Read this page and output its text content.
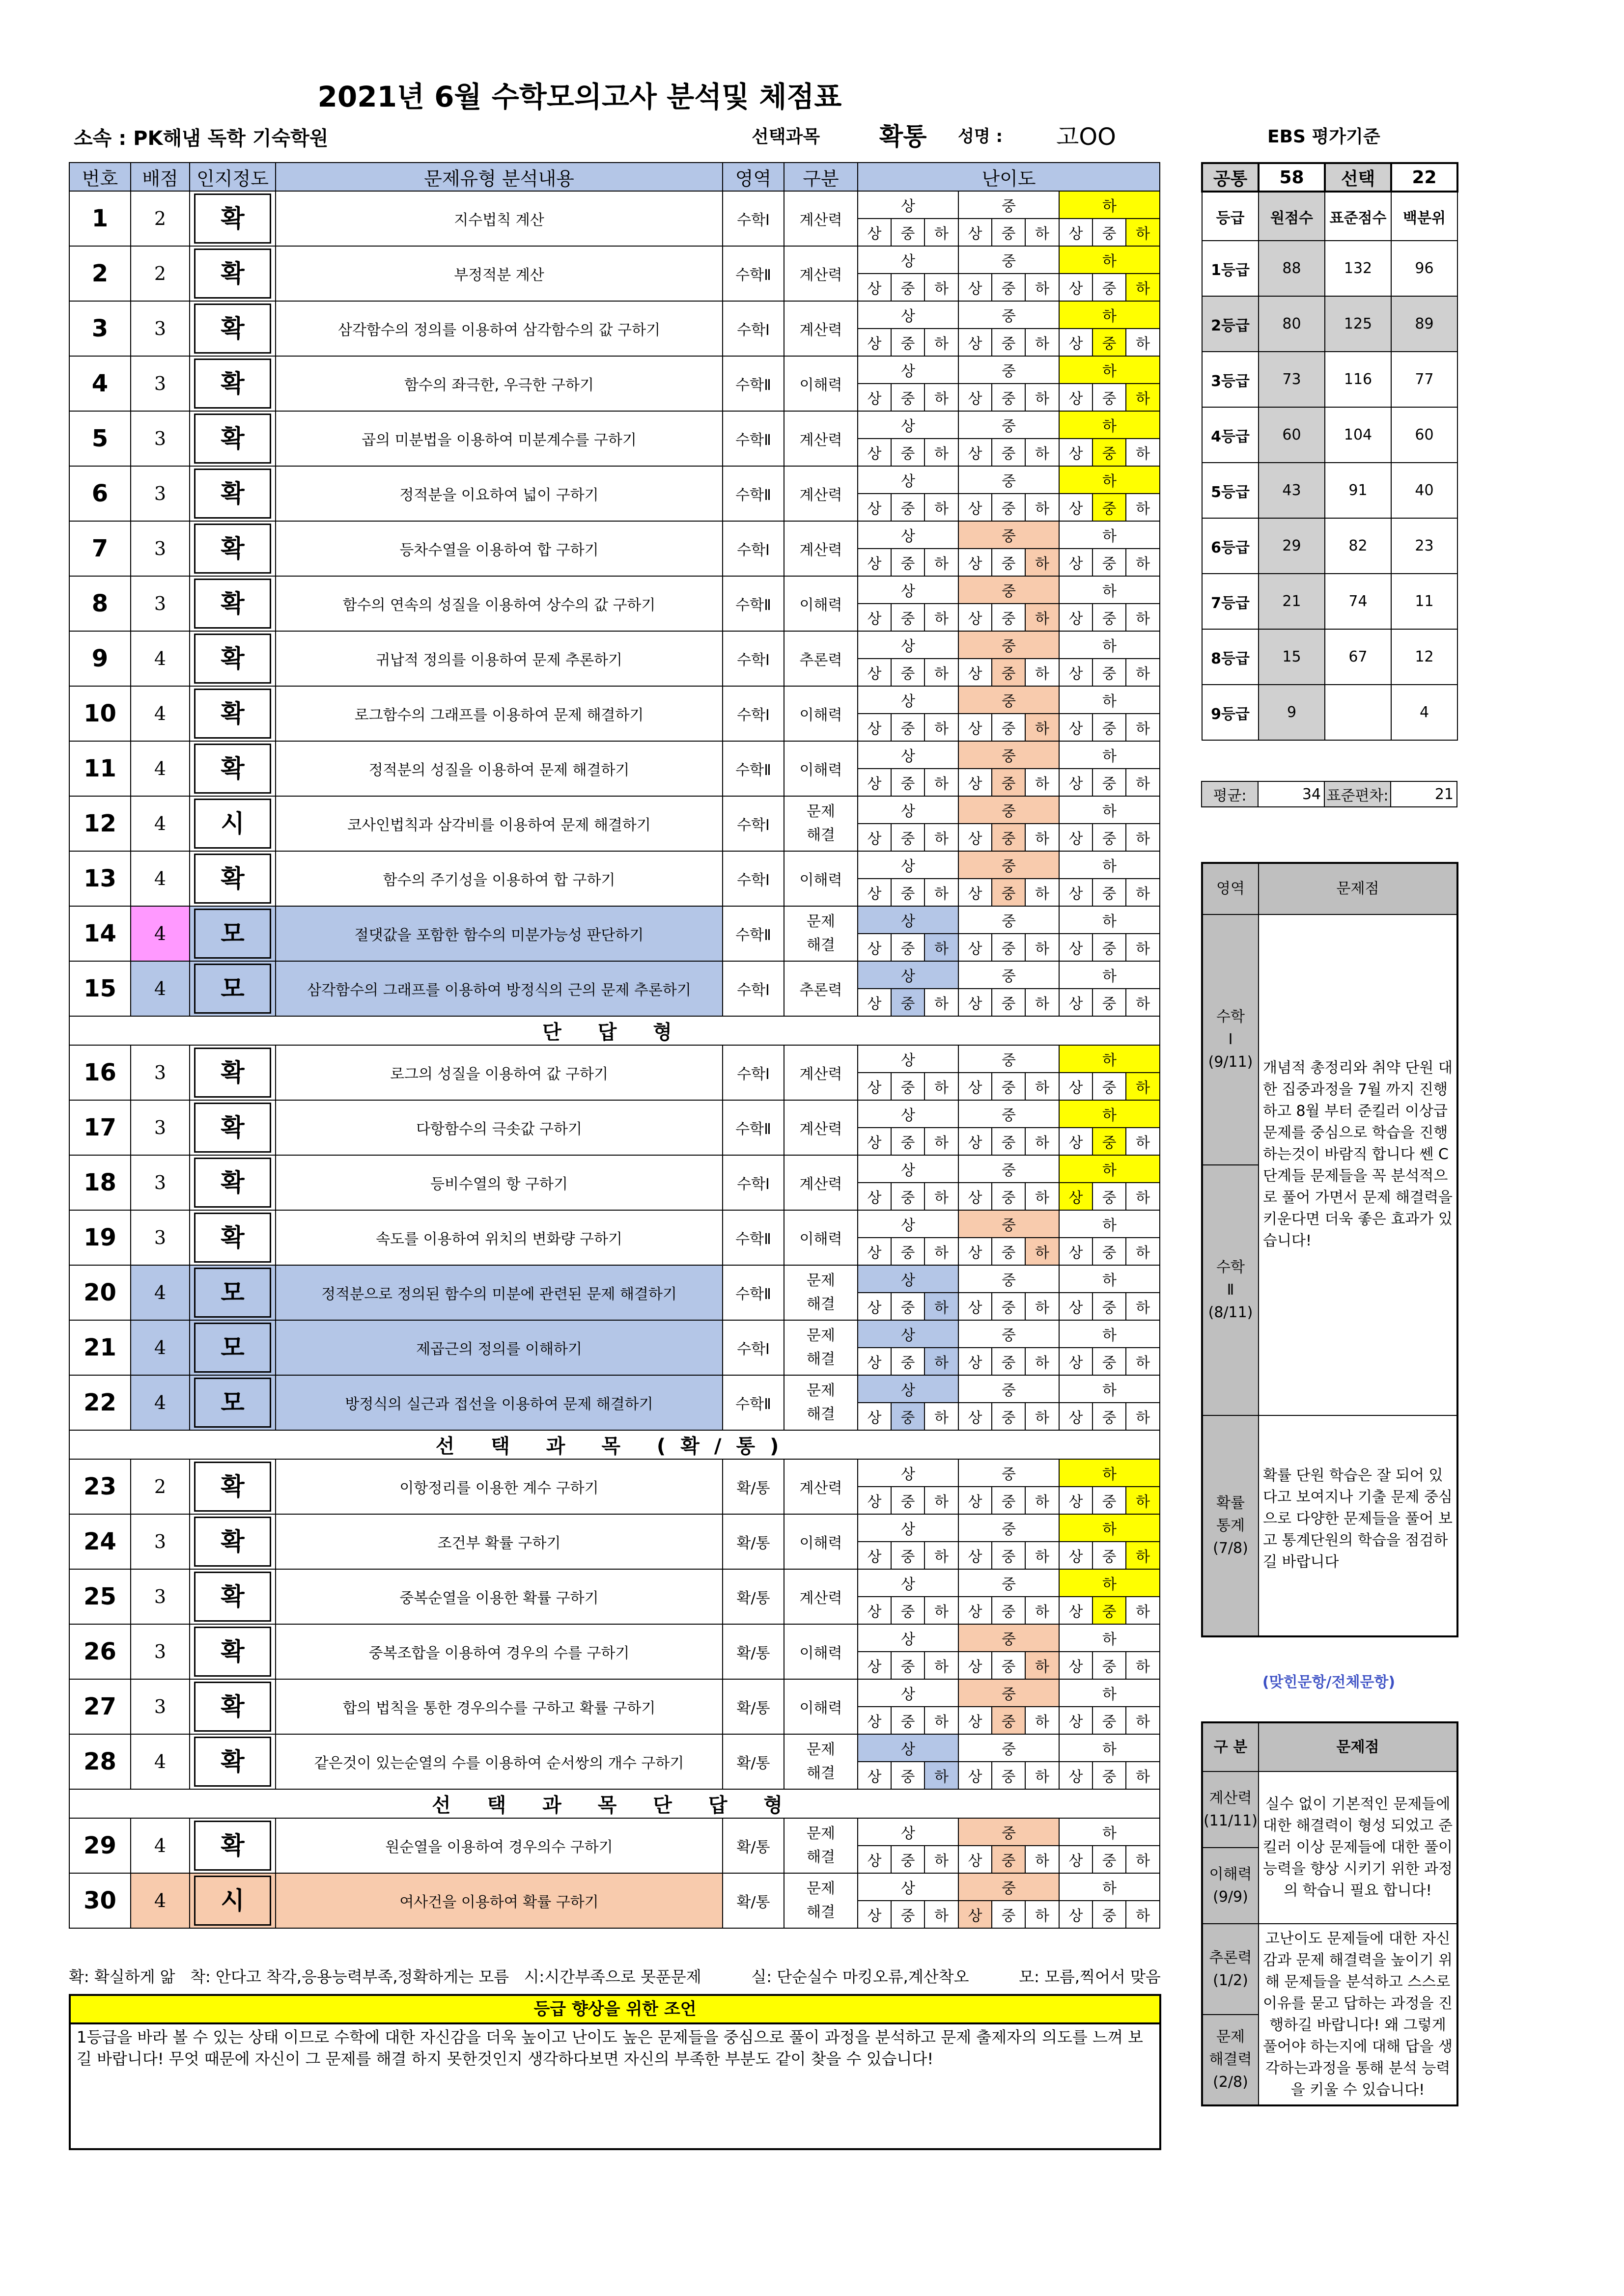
2021년 6월 수학모의고사 분석및 체점표
소속 : PK해냄 독학 기숙학원	선택과목 확통 성명 : 고OO	EBS 평가기준
번호	배점	인지정도	문제유형 분석내용	영역	구분	난이도								
1	2	확	지수법칙 계산	수학Ⅰ	계산력	상			중			하		
						상	중	하	상	중	하	상	중	하
2	2	확	부정적분 계산	수학Ⅱ	계산력	상			중			하		
						상	중	하	상	중	하	상	중	하
3	3	확	삼각함수의 정의를 이용하여 삼각함수의 값 구하기	수학Ⅰ	계산력	상			중			하		
						상	중	하	상	중	하	상	중	하
4	3	확	함수의 좌극한, 우극한 구하기	수학Ⅱ	이해력	상			중			하		
						상	중	하	상	중	하	상	중	하
5	3	확	곱의 미분법을 이용하여 미분계수를 구하기	수학Ⅱ	계산력	상			중			하		
						상	중	하	상	중	하	상	중	하
6	3	확	정적분을 이요하여 넓이 구하기	수학Ⅱ	계산력	상			중			하		
						상	중	하	상	중	하	상	중	하
7	3	확	등차수열을 이용하여 합 구하기	수학Ⅰ	계산력	상			중			하		
						상	중	하	상	중	하	상	중	하
8	3	확	함수의 연속의 성질을 이용하여 상수의 값 구하기	수학Ⅱ	이해력	상			중			하		
						상	중	하	상	중	하	상	중	하
9	4	확	귀납적 정의를 이용하여 문제 추론하기	수학Ⅰ	추론력	상			중			하		
						상	중	하	상	중	하	상	중	하
10	4	확	로그함수의 그래프를 이용하여 문제 해결하기	수학Ⅰ	이해력	상			중			하		
						상	중	하	상	중	하	상	중	하
11	4	확	정적분의 성질을 이용하여 문제 해결하기	수학Ⅱ	이해력	상			중			하		
						상	중	하	상	중	하	상	중	하
12	4	시	코사인법칙과 삼각비를 이용하여 문제 해결하기	수학Ⅰ	문제
해결	상			중			하		
						상	중	하	상	중	하	상	중	하
13	4	확	함수의 주기성을 이용하여 합 구하기	수학Ⅰ	이해력	상			중			하		
						상	중	하	상	중	하	상	중	하
14	4	모	절댓값을 포함한 함수의 미분가능성 판단하기	수학Ⅱ	문제
해결	상			중			하		
						상	중	하	상	중	하	상	중	하
15	4	모	삼각함수의 그래프를 이용하여 방정식의 근의 문제 추론하기	수학Ⅰ	추론력	상			중			하		
						상	중	하	상	중	하	상	중	하
단 답 형														
16	3	확	로그의 성질을 이용하여 값 구하기	수학Ⅰ	계산력	상			중			하		
						상	중	하	상	중	하	상	중	하
17	3	확	다항함수의 극솟값 구하기	수학Ⅱ	계산력	상			중			하		
						상	중	하	상	중	하	상	중	하
18	3	확	등비수열의 항 구하기	수학Ⅰ	계산력	상			중			하		
						상	중	하	상	중	하	상	중	하
19	3	확	속도를 이용하여 위치의 변화량 구하기	수학Ⅱ	이해력	상			중			하		
						상	중	하	상	중	하	상	중	하
20	4	모	정적분으로 정의된 함수의 미분에 관련된 문제 해결하기	수학Ⅱ	문제
해결	상			중			하		
						상	중	하	상	중	하	상	중	하
21	4	모	제곱근의 정의를 이해하기	수학Ⅰ	문제
해결	상			중			하		
						상	중	하	상	중	하	상	중	하
22	4	모	방정식의 실근과 접선을 이용하여 문제 해결하기	수학Ⅱ	문제
해결	상			중			하		
						상	중	하	상	중	하	상	중	하
선 택 과 목 (확/통)														
23	2	확	이항정리를 이용한 계수 구하기	확/통	계산력	상			중			하		
						상	중	하	상	중	하	상	중	하
24	3	확	조건부 확률 구하기	확/통	이해력	상			중			하		
						상	중	하	상	중	하	상	중	하
25	3	확	중복순열을 이용한 확률 구하기	확/통	계산력	상			중			하		
						상	중	하	상	중	하	상	중	하
26	3	확	중복조합을 이용하여 경우의 수를 구하기	확/통	이해력	상			중			하		
						상	중	하	상	중	하	상	중	하
27	3	확	합의 법칙을 통한 경우의수를 구하고 확률 구하기	확/통	이해력	상			중			하		
						상	중	하	상	중	하	상	중	하
28	4	확	같은것이 있는순열의 수를 이용하여 순서쌍의 개수 구하기	확/통	문제
해결	상			중			하		
						상	중	하	상	중	하	상	중	하
선 택 과 목 단 답 형														
29	4	확	원순열을 이용하여 경우의수 구하기	확/통	문제
해결	상			중			하		
						상	중	하	상	중	하	상	중	하
30	4	시	여사건을 이용하여 확률 구하기	확/통	문제
해결	상			중			하		
						상	중	하	상	중	하	상	중	하
확: 확실하게 앎 착: 안다고 착각,응용능력부족,정확하게는 모름 시:시간부족으로 못푼문제	실: 단순실수 마킹오류,계산착오	모: 모름,찍어서 맞음
등급 향상을 위한 조언
1등급을 바라 볼 수 있는 상태 이므로 수학에 대한 자신감을 더욱 높이고 난이도 높은 문제들을 중심으로 풀이 과정을 분석하고 문제 출제자의 의도를 느껴 보길 바랍니다! 무엇 때문에 자신이 그 문제를 해결 하지 못한것인지 생각하다보면 자신의 부족한 부분도 같이 찾을 수 있습니다!
공통	58	선택	22
등급	원점수	표준점수	백분위
1등급	88	132	96
2등급	80	125	89
3등급	73	116	77
4등급	60	104	60
5등급	43	91	40
6등급	29	82	23
7등급	21	74	11
8등급	15	67	12
9등급	9		4
평균:	34	표준편차:	21
영역	문제점

수학
Ⅰ
(9/11)	개념적 총정리와 취약 단원 대한 집중과정을 7월 까지 진행하고 8월 부터 준킬러 이상급 문제를 중심으로 학습을 진행 하는것이 바람직 합니다 쎈 C단계들 문제들을 꼭 분석적으로 풀어 가면서 문제 해결력을 키운다면 더욱 좋은 효과가 있습니다!

수학
Ⅱ
(8/11)	

확률
통계
(7/8)	확률 단원 학습은 잘 되어 있다고 보여지나 기출 문제 중심으로 다양한 문제들을 풀어 보고 통계단원의 학습을 점검하길 바랍니다
(맞힌문항/전체문항)
구 분	문제점

계산력
(11/11)	실수 없이 기본적인 문제들에 대한 해결력이 형성 되었고 준킬러 이상 문제들에 대한 풀이 능력을 향상 시키기 위한 과정의 학습니 필요 합니다!

이해력
(9/9)	

추론력
(1/2)	고난이도 문제들에 대한 자신감과 문제 해결력을 높이기 위해 문제들을 분석하고 스스로 이유를 묻고 답하는 과정을 진행하길 바랍니다! 왜 그렇게 풀어야 하는지에 대해 답을 생각하는과정을 통해 분석 능력을 키울 수 있습니다!

문제
해결력
(2/8)	
